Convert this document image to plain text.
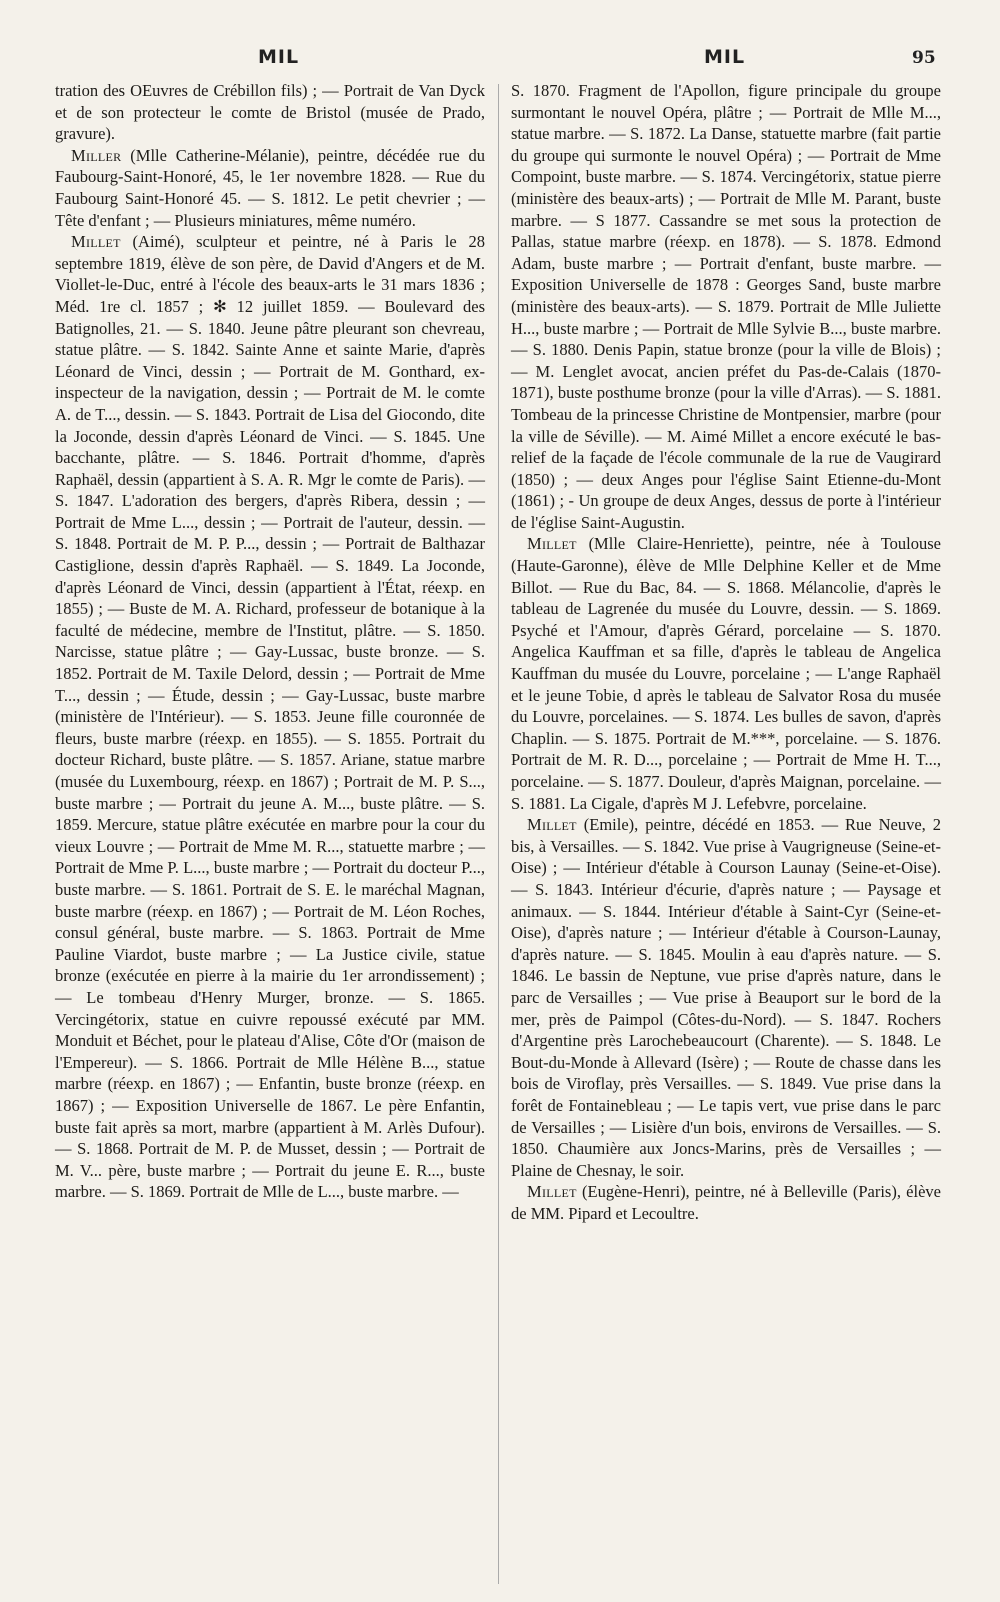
MIL	MIL	95

tration des OEuvres de Crébillon fils) ; — Portrait de Van Dyck et de son protecteur le comte de Bristol (musée de Prado, gravure).

Miller (Mlle Catherine-Mélanie), peintre, décédée rue du Faubourg-Saint-Honoré, 45, le 1er novembre 1828. — Rue du Faubourg Saint-Honoré 45. — S. 1812. Le petit chevrier ; — Tête d'enfant ; — Plusieurs miniatures, même numéro.

Millet (Aimé), sculpteur et peintre, né à Paris le 28 septembre 1819, élève de son père, de David d'Angers et de M. Viollet-le-Duc, entré à l'école des beaux-arts le 31 mars 1836 ; Méd. 1re cl. 1857 ; ✻ 12 juillet 1859. — Boulevard des Batignolles, 21. — S. 1840. Jeune pâtre pleurant son chevreau, statue plâtre. — S. 1842. Sainte Anne et sainte Marie, d'après Léonard de Vinci, dessin ; — Portrait de M. Gonthard, ex-inspecteur de la navigation, dessin ; — Portrait de M. le comte A. de T..., dessin. — S. 1843. Portrait de Lisa del Giocondo, dite la Joconde, dessin d'après Léonard de Vinci. — S. 1845. Une bacchante, plâtre. — S. 1846. Portrait d'homme, d'après Raphaël, dessin (appartient à S. A. R. Mgr le comte de Paris). — S. 1847. L'adoration des bergers, d'après Ribera, dessin ; — Portrait de Mme L..., dessin ; — Portrait de l'auteur, dessin. — S. 1848. Portrait de M. P. P..., dessin ; — Portrait de Balthazar Castiglione, dessin d'après Raphaël. — S. 1849. La Joconde, d'après Léonard de Vinci, dessin (appartient à l'État, réexp. en 1855) ; — Buste de M. A. Richard, professeur de botanique à la faculté de médecine, membre de l'Institut, plâtre. — S. 1850. Narcisse, statue plâtre ; — Gay-Lussac, buste bronze. — S. 1852. Portrait de M. Taxile Delord, dessin ; — Portrait de Mme T..., dessin ; — Étude, dessin ; — Gay-Lussac, buste marbre (ministère de l'Intérieur). — S. 1853. Jeune fille couronnée de fleurs, buste marbre (réexp. en 1855). — S. 1855. Portrait du docteur Richard, buste plâtre. — S. 1857. Ariane, statue marbre (musée du Luxembourg, réexp. en 1867) ; Portrait de M. P. S..., buste marbre ; — Portrait du jeune A. M..., buste plâtre. — S. 1859. Mercure, statue plâtre exécutée en marbre pour la cour du vieux Louvre ; — Portrait de Mme M. R..., statuette marbre ; — Portrait de Mme P. L..., buste marbre ; — Portrait du docteur P..., buste marbre. — S. 1861. Portrait de S. E. le maréchal Magnan, buste marbre (réexp. en 1867) ; — Portrait de M. Léon Roches, consul général, buste marbre. — S. 1863. Portrait de Mme Pauline Viardot, buste marbre ; — La Justice civile, statue bronze (exécutée en pierre à la mairie du 1er arrondissement) ; — Le tombeau d'Henry Murger, bronze. — S. 1865. Vercingétorix, statue en cuivre repoussé exécuté par MM. Monduit et Béchet, pour le plateau d'Alise, Côte d'Or (maison de l'Empereur). — S. 1866. Portrait de Mlle Hélène B..., statue marbre (réexp. en 1867) ; — Enfantin, buste bronze (réexp. en 1867) ; — Exposition Universelle de 1867. Le père Enfantin, buste fait après sa mort, marbre (appartient à M. Arlès Dufour). — S. 1868. Portrait de M. P. de Musset, dessin ; — Portrait de M. V... père, buste marbre ; — Portrait du jeune E. R..., buste marbre. — S. 1869. Portrait de Mlle de L..., buste marbre. —

S. 1870. Fragment de l'Apollon, figure principale du groupe surmontant le nouvel Opéra, plâtre ; — Portrait de Mlle M..., statue marbre. — S. 1872. La Danse, statuette marbre (fait partie du groupe qui surmonte le nouvel Opéra) ; — Portrait de Mme Compoint, buste marbre. — S. 1874. Vercingétorix, statue pierre (ministère des beaux-arts) ; — Portrait de Mlle M. Parant, buste marbre. — S 1877. Cassandre se met sous la protection de Pallas, statue marbre (réexp. en 1878). — S. 1878. Edmond Adam, buste marbre ; — Portrait d'enfant, buste marbre. — Exposition Universelle de 1878 : Georges Sand, buste marbre (ministère des beaux-arts). — S. 1879. Portrait de Mlle Juliette H..., buste marbre ; — Portrait de Mlle Sylvie B..., buste marbre. — S. 1880. Denis Papin, statue bronze (pour la ville de Blois) ; — M. Lenglet avocat, ancien préfet du Pas-de-Calais (1870-1871), buste posthume bronze (pour la ville d'Arras). — S. 1881. Tombeau de la princesse Christine de Montpensier, marbre (pour la ville de Séville). — M. Aimé Millet a encore exécuté le bas-relief de la façade de l'école communale de la rue de Vaugirard (1850) ; — deux Anges pour l'église Saint Etienne-du-Mont (1861) ; - Un groupe de deux Anges, dessus de porte à l'intérieur de l'église Saint-Augustin.

Millet (Mlle Claire-Henriette), peintre, née à Toulouse (Haute-Garonne), élève de Mlle Delphine Keller et de Mme Billot. — Rue du Bac, 84. — S. 1868. Mélancolie, d'après le tableau de Lagrenée du musée du Louvre, dessin. — S. 1869. Psyché et l'Amour, d'après Gérard, porcelaine — S. 1870. Angelica Kauffman et sa fille, d'après le tableau de Angelica Kauffman du musée du Louvre, porcelaine ; — L'ange Raphaël et le jeune Tobie, d après le tableau de Salvator Rosa du musée du Louvre, porcelaines. — S. 1874. Les bulles de savon, d'après Chaplin. — S. 1875. Portrait de M.***, porcelaine. — S. 1876. Portrait de M. R. D..., porcelaine ; — Portrait de Mme H. T..., porcelaine. — S. 1877. Douleur, d'après Maignan, porcelaine. — S. 1881. La Cigale, d'après M J. Lefebvre, porcelaine.

Millet (Emile), peintre, décédé en 1853. — Rue Neuve, 2 bis, à Versailles. — S. 1842. Vue prise à Vaugrigneuse (Seine-et-Oise) ; — Intérieur d'étable à Courson Launay (Seine-et-Oise). — S. 1843. Intérieur d'écurie, d'après nature ; — Paysage et animaux. — S. 1844. Intérieur d'étable à Saint-Cyr (Seine-et-Oise), d'après nature ; — Intérieur d'étable à Courson-Launay, d'après nature. — S. 1845. Moulin à eau d'après nature. — S. 1846. Le bassin de Neptune, vue prise d'après nature, dans le parc de Versailles ; — Vue prise à Beauport sur le bord de la mer, près de Paimpol (Côtes-du-Nord). — S. 1847. Rochers d'Argentine près Larochebeaucourt (Charente). — S. 1848. Le Bout-du-Monde à Allevard (Isère) ; — Route de chasse dans les bois de Viroflay, près Versailles. — S. 1849. Vue prise dans la forêt de Fontainebleau ; — Le tapis vert, vue prise dans le parc de Versailles ; — Lisière d'un bois, environs de Versailles. — S. 1850. Chaumière aux Joncs-Marins, près de Versailles ; — Plaine de Chesnay, le soir.

Millet (Eugène-Henri), peintre, né à Belleville (Paris), élève de MM. Pipard et Lecoultre.
